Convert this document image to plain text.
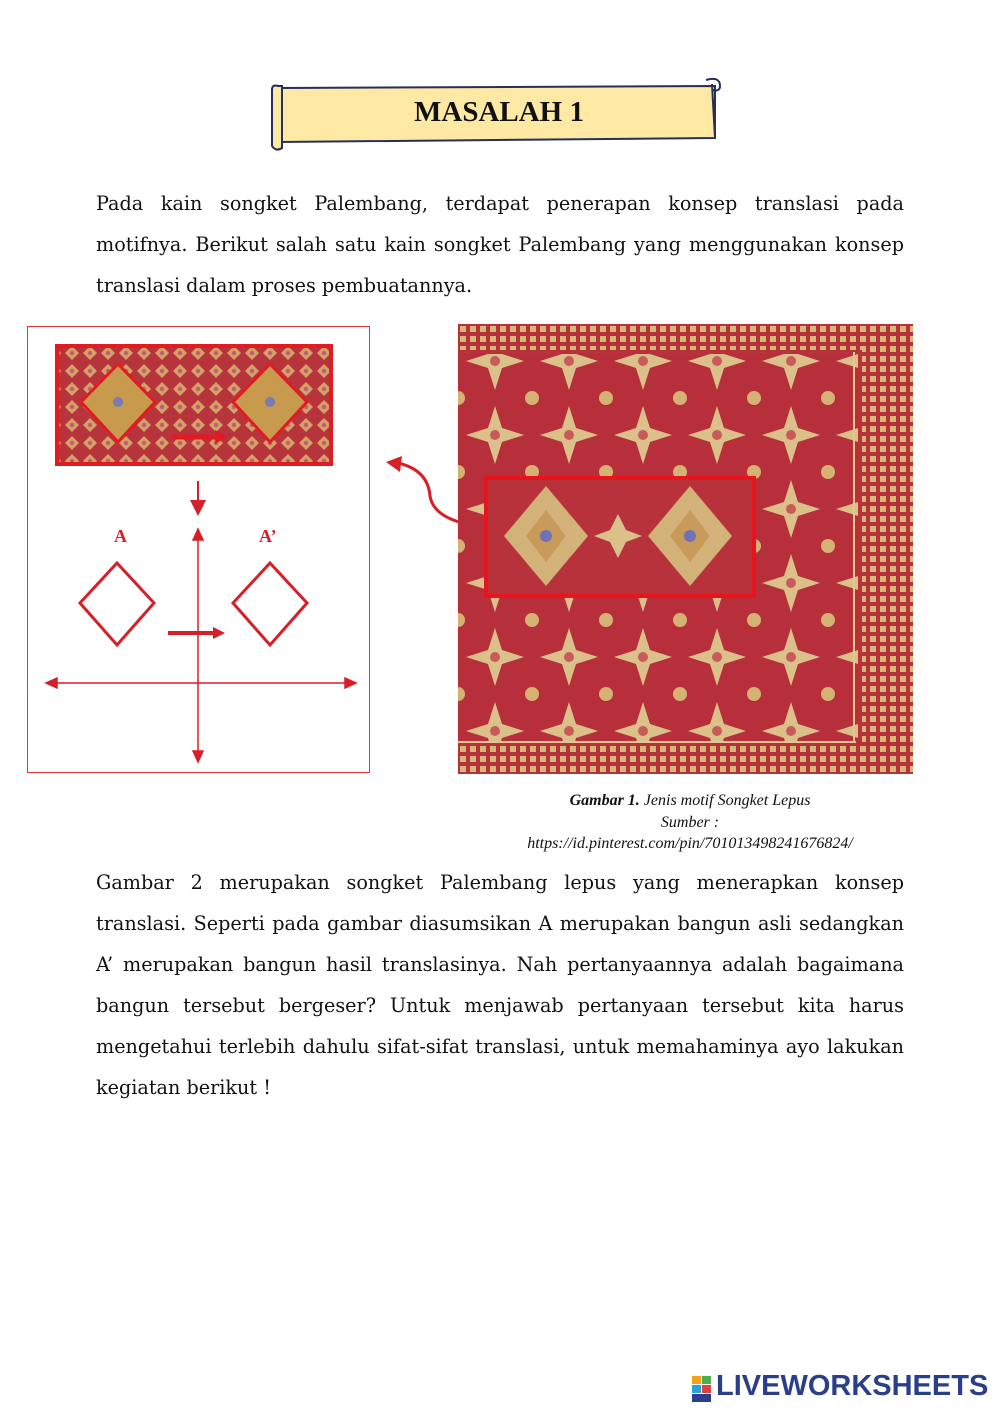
MASALAH 1
Pada kain songket Palembang, terdapat penerapan konsep translasi pada motifnya. Berikut salah satu kain songket Palembang yang menggunakan konsep translasi dalam proses pembuatannya.
A	A’
Gambar 1. Jenis motif Songket Lepus
Sumber :
https://id.pinterest.com/pin/701013498241676824/
Gambar 2 merupakan songket Palembang lepus yang menerapkan konsep translasi. Seperti pada gambar diasumsikan A merupakan bangun asli sedangkan A’ merupakan bangun hasil translasinya. Nah pertanyaannya adalah bagaimana bangun tersebut bergeser? Untuk menjawab pertanyaan tersebut kita harus mengetahui terlebih dahulu sifat-sifat translasi, untuk memahaminya ayo lakukan kegiatan berikut !
LIVEWORKSHEETS
